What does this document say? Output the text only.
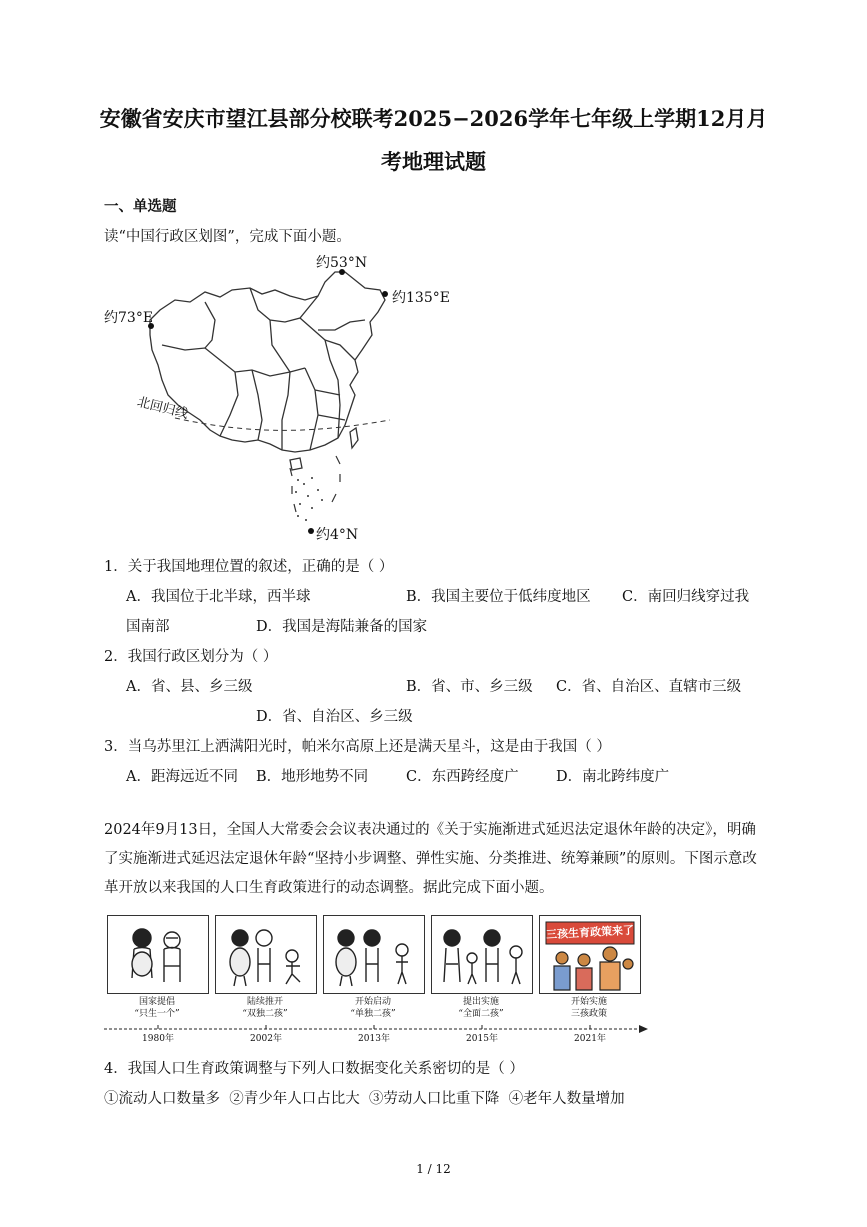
安徽省安庆市望江县部分校联考2025−2026学年七年级上学期12月月
考地理试题
一、单选题
读“中国行政区划图”，完成下面小题。
约53°N
约135°E
约73°E
约4°N
北回归线
1．关于我国地理位置的叙述，正确的是（ ）
A．我国位于北半球，西半球	B．我国主要位于低纬度地区 C．南回归线穿过我
国南部	D．我国是海陆兼备的国家
2．我国行政区划分为（ ）
A．省、县、乡三级	B．省、市、乡三级 C．省、自治区、直辖市三级
D．省、自治区、乡三级
3．当乌苏里江上洒满阳光时，帕米尔高原上还是满天星斗，这是由于我国（ ）
A．距海远近不同 B．地形地势不同	C．东西跨经度广	D．南北跨纬度广
2024年9月13日，全国人大常委会会议表决通过的《关于实施渐进式延迟法定退休年龄的决定》，明确了实施渐进式延迟法定退休年龄“坚持小步调整、弹性实施、分类推进、统筹兼顾”的原则。下图示意改革开放以来我国的人口生育政策进行的动态调整。据此完成下面小题。
三孩生育政策来了
国家提倡
“只生一个”
陆续推开
“双独二孩”
开始启动
“单独二孩”
提出实施
“全面二孩”
开始实施
三孩政策
1980年	2002年	2013年	2015年	2021年
4．我国人口生育政策调整与下列人口数据变化关系密切的是（ ）
①流动人口数量多  ②青少年人口占比大  ③劳动人口比重下降  ④老年人数量增加
1 / 12
